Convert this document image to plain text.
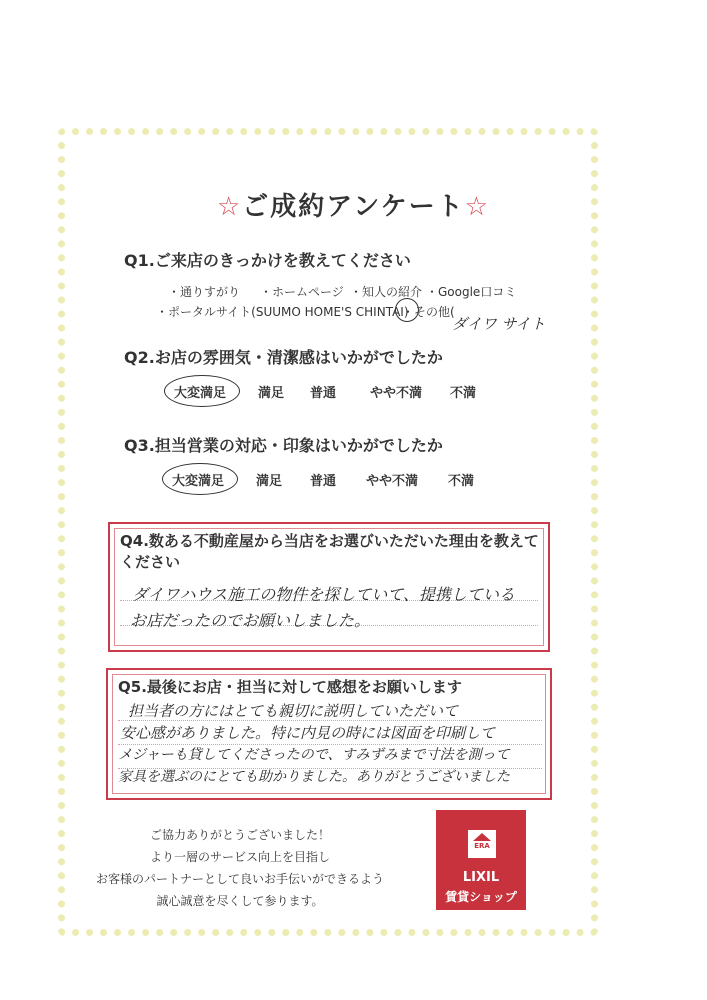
☆ご成約アンケート☆
Q1.ご来店のきっかけを教えてください
・通りすがり ・ホームページ ・知人の紹介 ・Google口コミ
・ポータルサイト(SUUMO HOME'S CHINTAI)
・その他(
ダイワ サイト
Q2.お店の雰囲気・清潔感はいかがでしたか
大変満足 満足 普通	やや不満 不満
Q3.担当営業の対応・印象はいかがでしたか
大変満足 満足 普通 やや不満 不満
Q4.数ある不動産屋から当店をお選びいただいた理由を教えて
ください
ダイワハウス施工の物件を探していて、提携している
お店だったのでお願いしました。
Q5.最後にお店・担当に対して感想をお願いします
担当者の方にはとても親切に説明していただいて
安心感がありました。特に内見の時には図面を印刷して
メジャーも貸してくださったので、すみずみまで寸法を測って
家具を選ぶのにとても助かりました。ありがとうございました
ご協力ありがとうございました！
より一層のサービス向上を目指し
お客様のパートナーとして良いお手伝いができるよう
誠心誠意を尽くして参ります。
ERA
LIXIL
賃貸ショップ
